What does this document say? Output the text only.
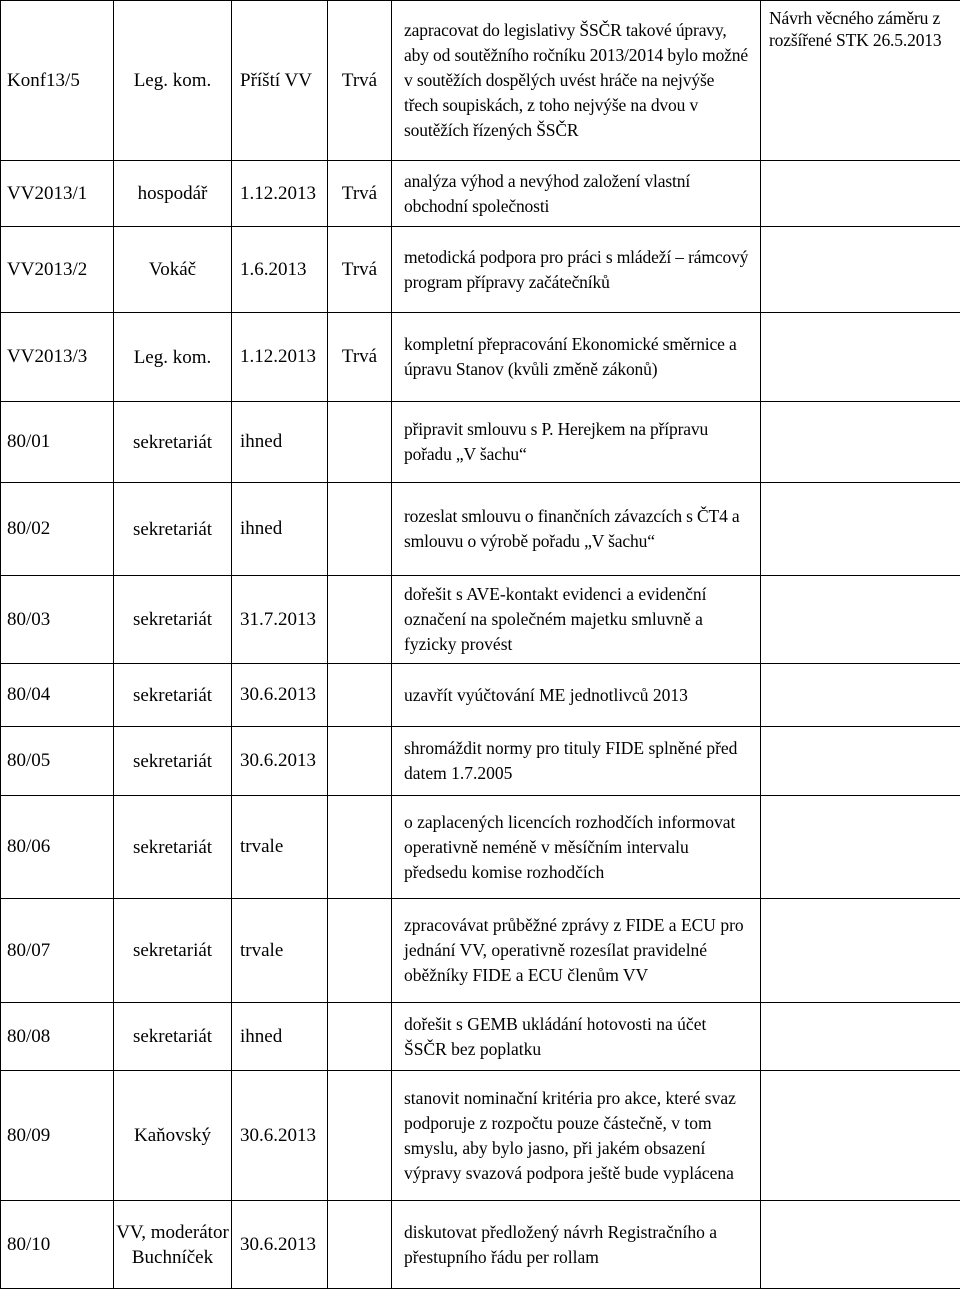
Konf13/5	Leg. kom.	Příští VV	Trvá	zapracovat do legislativy ŠSČR takové úpravy, aby od soutěžního ročníku 2013/2014 bylo možné v soutěžích dospělých uvést hráče na nejvýše třech soupiskách, z toho nejvýše na dvou v soutěžích řízených ŠSČR	Návrh věcného záměru z rozšířené STK 26.5.2013
VV2013/1	hospodář	1.12.2013	Trvá	analýza výhod a nevýhod založení vlastní obchodní společnosti	
VV2013/2	Vokáč	1.6.2013	Trvá	metodická podpora pro práci s mládeží – rámcový program přípravy začátečníků	
VV2013/3	Leg. kom.	1.12.2013	Trvá	kompletní přepracování Ekonomické směrnice a úpravu Stanov (kvůli změně zákonů)	
80/01	sekretariát	ihned		připravit smlouvu s P. Herejkem na přípravu pořadu „V šachu“	
80/02	sekretariát	ihned		rozeslat smlouvu o finančních závazcích s ČT4 a smlouvu o výrobě pořadu „V šachu“	
80/03	sekretariát	31.7.2013		dořešit s AVE-kontakt evidenci a evidenční označení na společném majetku smluvně a fyzicky provést	
80/04	sekretariát	30.6.2013		uzavřít vyúčtování ME jednotlivců 2013	
80/05	sekretariát	30.6.2013		shromáždit normy pro tituly FIDE splněné před datem 1.7.2005	
80/06	sekretariát	trvale		o zaplacených licencích rozhodčích informovat operativně neméně v měsíčním intervalu předsedu komise rozhodčích	
80/07	sekretariát	trvale		zpracovávat průběžné zprávy z FIDE a ECU pro jednání VV, operativně rozesílat pravidelné oběžníky FIDE a ECU členům VV	
80/08	sekretariát	ihned		dořešit s GEMB ukládání hotovosti na účet ŠSČR bez poplatku	
80/09	Kaňovský	30.6.2013		stanovit nominační kritéria pro akce, které svaz podporuje z rozpočtu pouze částečně, v tom smyslu, aby bylo jasno, při jakém obsazení výpravy svazová podpora ještě bude vyplácena	
80/10	VV, moderátor Buchníček	30.6.2013		diskutovat předložený návrh Registračního a přestupního řádu per rollam	
